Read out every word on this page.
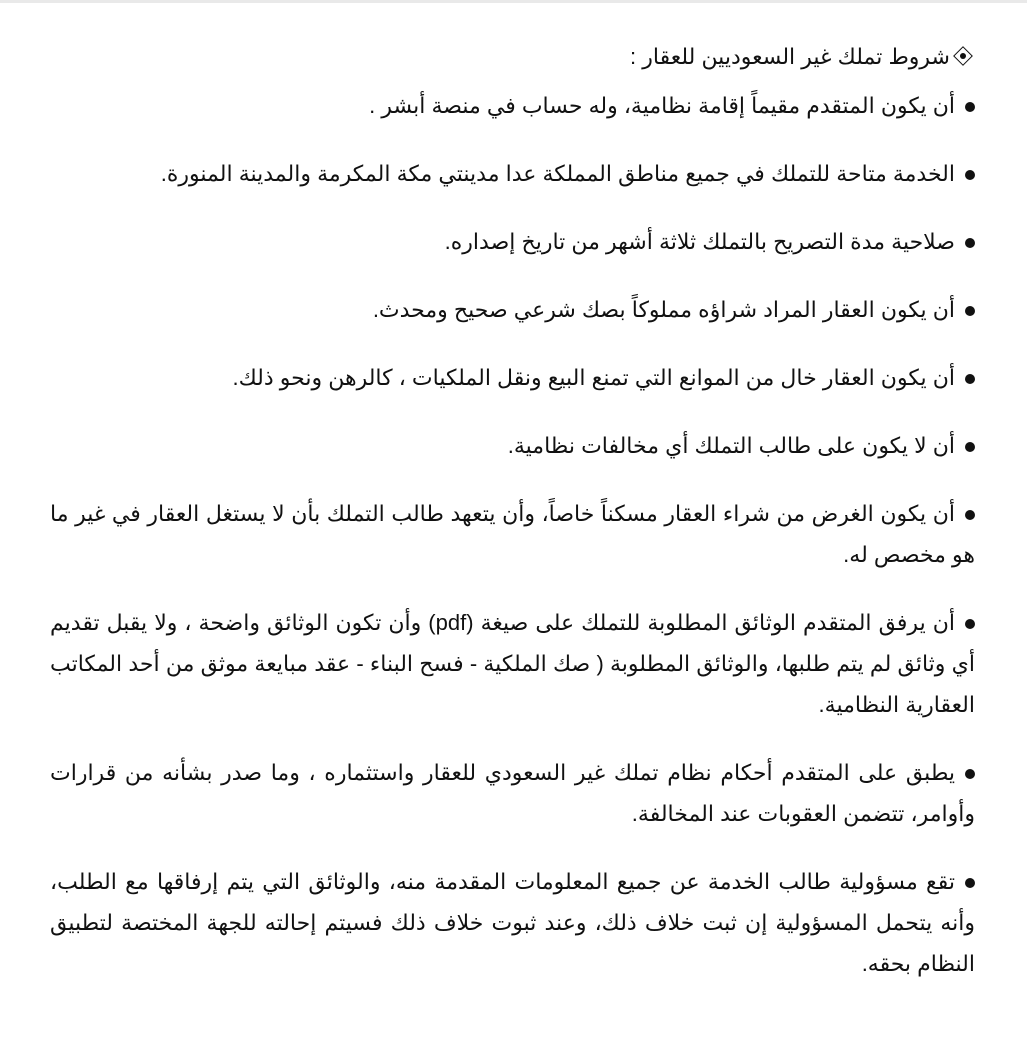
شروط تملك غير السعوديين للعقار :
أن يكون المتقدم مقيماً إقامة نظامية، وله حساب في منصة أبشر .
الخدمة متاحة للتملك في جميع مناطق المملكة عدا مدينتي مكة المكرمة والمدينة المنورة.
صلاحية مدة التصريح بالتملك ثلاثة أشهر من تاريخ إصداره.
أن يكون العقار المراد شراؤه مملوكاً بصك شرعي صحيح ومحدث.
أن يكون العقار خال من الموانع التي تمنع البيع ونقل الملكيات ، كالرهن ونحو ذلك.
أن لا يكون على طالب التملك أي مخالفات نظامية.
أن يكون الغرض من شراء العقار مسكناً خاصاً، وأن يتعهد طالب التملك بأن لا يستغل العقار في غير ما هو مخصص له.
أن يرفق المتقدم الوثائق المطلوبة للتملك على صيغة (pdf) وأن تكون الوثائق واضحة ، ولا يقبل تقديم أي وثائق لم يتم طلبها، والوثائق المطلوبة ( صك الملكية - فسح البناء - عقد مبايعة موثق من أحد المكاتب العقارية النظامية.
يطبق على المتقدم أحكام نظام تملك غير السعودي للعقار واستثماره ، وما صدر بشأنه من قرارات وأوامر، تتضمن العقوبات عند المخالفة.
تقع مسؤولية طالب الخدمة عن جميع المعلومات المقدمة منه، والوثائق التي يتم إرفاقها مع الطلب، وأنه يتحمل المسؤولية إن ثبت خلاف ذلك، وعند ثبوت خلاف ذلك فسيتم إحالته للجهة المختصة لتطبيق النظام بحقه.
